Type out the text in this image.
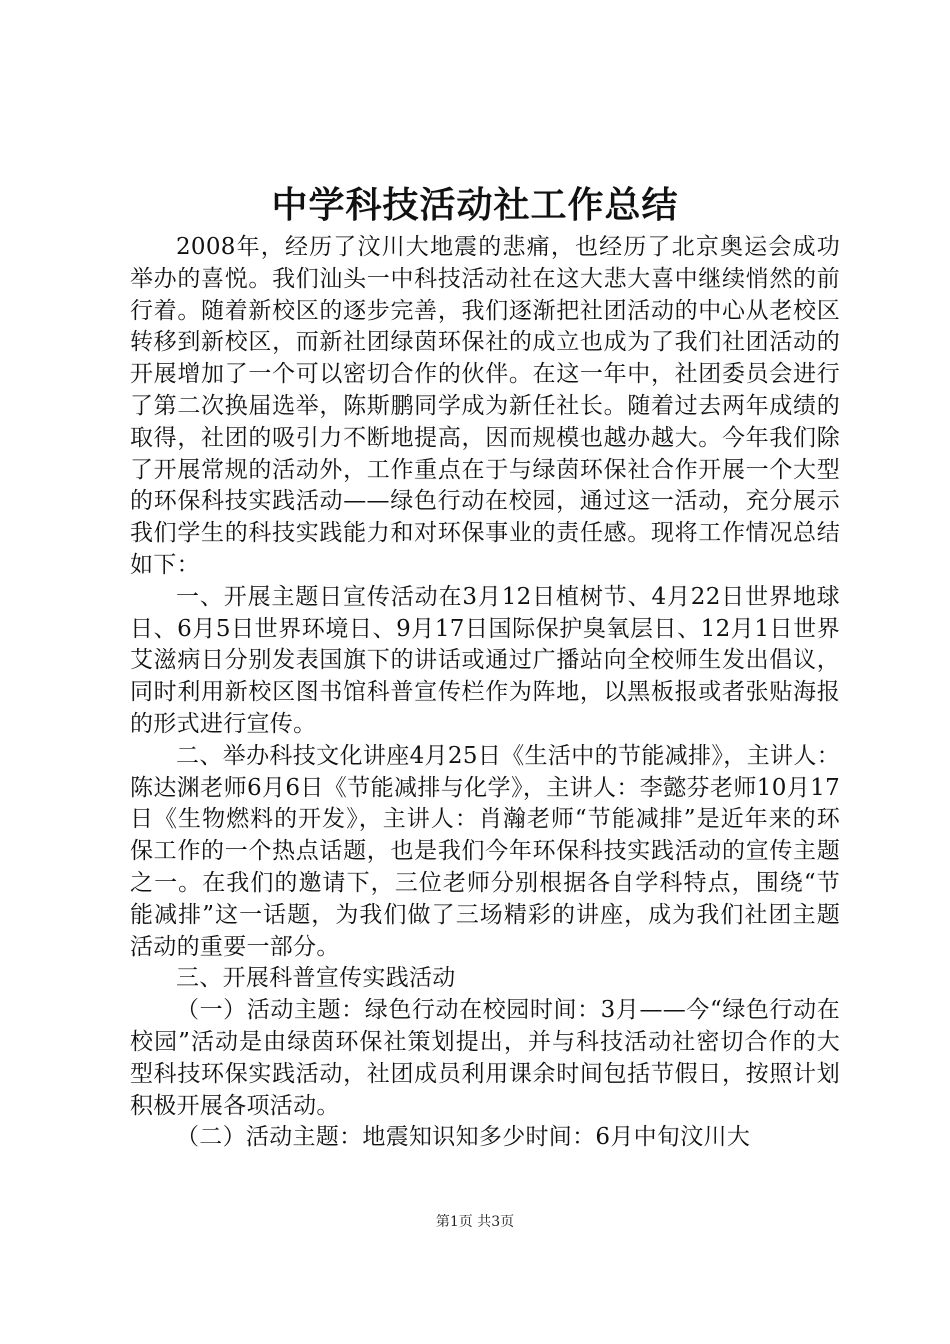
中学科技活动社工作总结

2008年，经历了汶川大地震的悲痛，也经历了北京奥运会成功举办的喜悦。我们汕头一中科技活动社在这大悲大喜中继续悄然的前行着。随着新校区的逐步完善，我们逐渐把社团活动的中心从老校区转移到新校区，而新社团绿茵环保社的成立也成为了我们社团活动的开展增加了一个可以密切合作的伙伴。在这一年中，社团委员会进行了第二次换届选举，陈斯鹏同学成为新任社长。随着过去两年成绩的取得，社团的吸引力不断地提高，因而规模也越办越大。今年我们除了开展常规的活动外，工作重点在于与绿茵环保社合作开展一个大型的环保科技实践活动——绿色行动在校园，通过这一活动，充分展示我们学生的科技实践能力和对环保事业的责任感。现将工作情况总结如下：

一、开展主题日宣传活动在3月12日植树节、4月22日世界地球日、6月5日世界环境日、9月17日国际保护臭氧层日、12月1日世界艾滋病日分别发表国旗下的讲话或通过广播站向全校师生发出倡议，同时利用新校区图书馆科普宣传栏作为阵地，以黑板报或者张贴海报的形式进行宣传。

二、举办科技文化讲座4月25日《生活中的节能减排》，主讲人：陈达渊老师6月6日《节能减排与化学》，主讲人：李懿芬老师10月17日《生物燃料的开发》，主讲人：肖瀚老师“节能减排”是近年来的环保工作的一个热点话题，也是我们今年环保科技实践活动的宣传主题之一。在我们的邀请下，三位老师分别根据各自学科特点，围绕“节能减排”这一话题，为我们做了三场精彩的讲座，成为我们社团主题活动的重要一部分。

三、开展科普宣传实践活动

（一）活动主题：绿色行动在校园时间：3月——今“绿色行动在校园”活动是由绿茵环保社策划提出，并与科技活动社密切合作的大型科技环保实践活动，社团成员利用课余时间包括节假日，按照计划积极开展各项活动。

（二）活动主题：地震知识知多少时间：6月中旬汶川大

第1页 共3页
